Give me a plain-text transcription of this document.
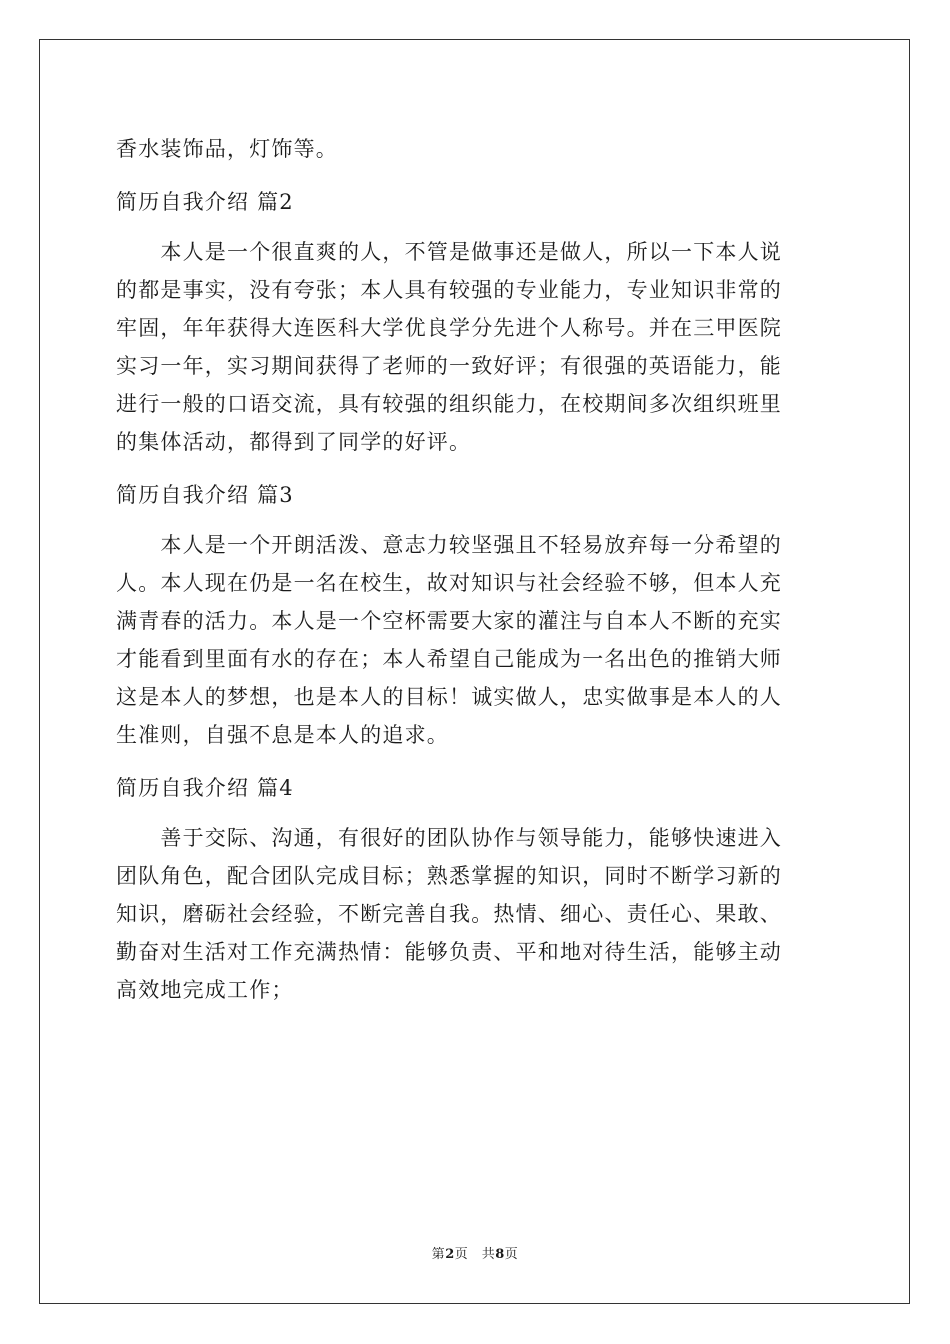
香水装饰品，灯饰等。
简历自我介绍 篇2
　　本人是一个很直爽的人，不管是做事还是做人，所以一下本人说
的都是事实，没有夸张；本人具有较强的专业能力，专业知识非常的
牢固，年年获得大连医科大学优良学分先进个人称号。并在三甲医院
实习一年，实习期间获得了老师的一致好评；有很强的英语能力，能
进行一般的口语交流，具有较强的组织能力，在校期间多次组织班里
的集体活动，都得到了同学的好评。
简历自我介绍 篇3
　　本人是一个开朗活泼、意志力较坚强且不轻易放弃每一分希望的
人。本人现在仍是一名在校生，故对知识与社会经验不够，但本人充
满青春的活力。本人是一个空杯需要大家的灌注与自本人不断的充实
才能看到里面有水的存在；本人希望自己能成为一名出色的推销大师
这是本人的梦想，也是本人的目标！诚实做人，忠实做事是本人的人
生准则，自强不息是本人的追求。
简历自我介绍 篇4
　　善于交际、沟通，有很好的团队协作与领导能力，能够快速进入
团队角色，配合团队完成目标；熟悉掌握的知识，同时不断学习新的
知识，磨砺社会经验，不断完善自我。热情、细心、责任心、果敢、
勤奋对生活对工作充满热情：能够负责、平和地对待生活，能够主动
高效地完成工作；
第2页　共8页
